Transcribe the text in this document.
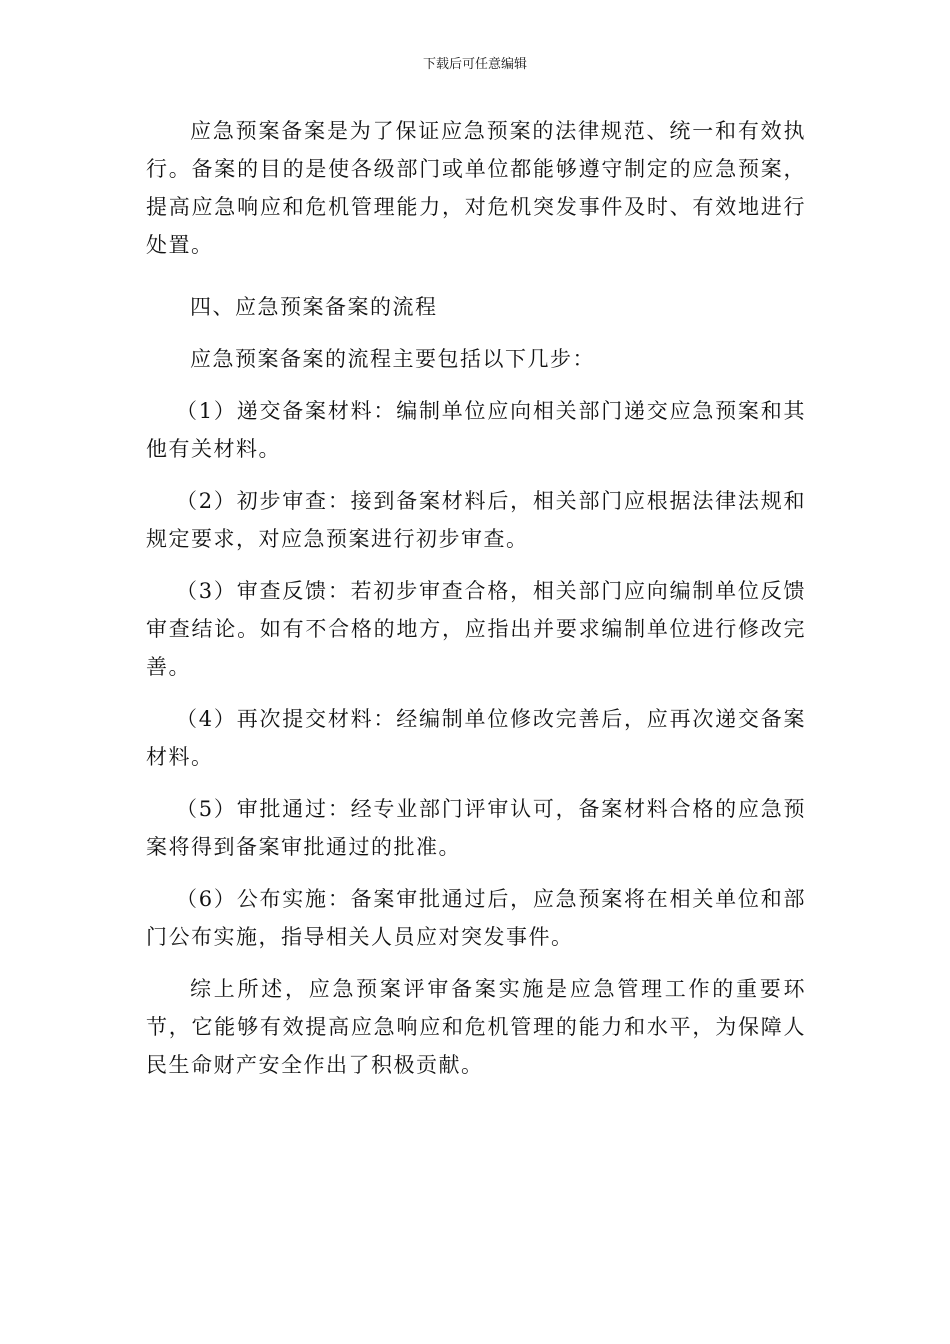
下载后可任意编辑

应急预案备案是为了保证应急预案的法律规范、统一和有效执行。备案的目的是使各级部门或单位都能够遵守制定的应急预案，提高应急响应和危机管理能力，对危机突发事件及时、有效地进行处置。

四、应急预案备案的流程

应急预案备案的流程主要包括以下几步：

（1）递交备案材料：编制单位应向相关部门递交应急预案和其他有关材料。

（2）初步审查：接到备案材料后，相关部门应根据法律法规和规定要求，对应急预案进行初步审查。

（3）审查反馈：若初步审查合格，相关部门应向编制单位反馈审查结论。如有不合格的地方，应指出并要求编制单位进行修改完善。

（4）再次提交材料：经编制单位修改完善后，应再次递交备案材料。

（5）审批通过：经专业部门评审认可，备案材料合格的应急预案将得到备案审批通过的批准。

（6）公布实施：备案审批通过后，应急预案将在相关单位和部门公布实施，指导相关人员应对突发事件。

综上所述，应急预案评审备案实施是应急管理工作的重要环节，它能够有效提高应急响应和危机管理的能力和水平，为保障人民生命财产安全作出了积极贡献。
